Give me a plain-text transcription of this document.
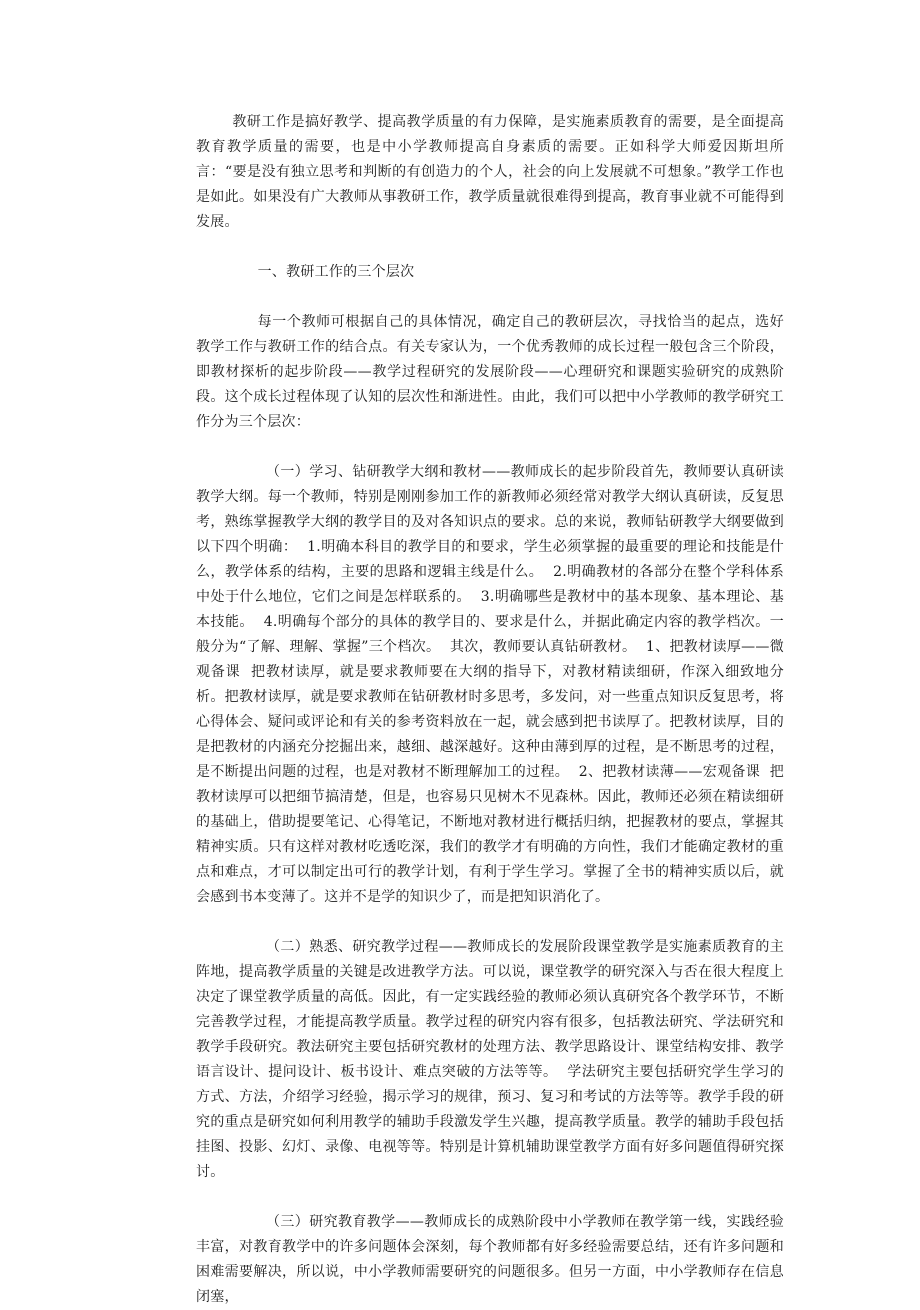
教研工作是搞好教学、提高教学质量的有力保障，是实施素质教育的需要，是全面提高教育教学质量的需要，也是中小学教师提高自身素质的需要。正如科学大师爱因斯坦所言：“要是没有独立思考和判断的有创造力的个人，社会的向上发展就不可想象。”教学工作也是如此。如果没有广大教师从事教研工作，教学质量就很难得到提高，教育事业就不可能得到发展。

一、教研工作的三个层次

每一个教师可根据自己的具体情况，确定自己的教研层次，寻找恰当的起点，选好教学工作与教研工作的结合点。有关专家认为，一个优秀教师的成长过程一般包含三个阶段，即教材探析的起步阶段——教学过程研究的发展阶段——心理研究和课题实验研究的成熟阶段。这个成长过程体现了认知的层次性和渐进性。由此，我们可以把中小学教师的教学研究工作分为三个层次：

（一）学习、钻研教学大纲和教材——教师成长的起步阶段首先，教师要认真研读教学大纲。每一个教师，特别是刚刚参加工作的新教师必须经常对教学大纲认真研读，反复思考，熟练掌握教学大纲的教学目的及对各知识点的要求。总的来说，教师钻研教学大纲要做到以下四个明确：  1.明确本科目的教学目的和要求，学生必须掌握的最重要的理论和技能是什么，教学体系的结构，主要的思路和逻辑主线是什么。  2.明确教材的各部分在整个学科体系中处于什么地位，它们之间是怎样联系的。  3.明确哪些是教材中的基本现象、基本理论、基本技能。  4.明确每个部分的具体的教学目的、要求是什么，并据此确定内容的教学档次。一般分为“了解、理解、掌握”三个档次。  其次，教师要认真钻研教材。  1、把教材读厚——微观备课  把教材读厚，就是要求教师要在大纲的指导下，对教材精读细研，作深入细致地分析。把教材读厚，就是要求教师在钻研教材时多思考，多发问，对一些重点知识反复思考，将心得体会、疑问或评论和有关的参考资料放在一起，就会感到把书读厚了。把教材读厚，目的是把教材的内涵充分挖掘出来，越细、越深越好。这种由薄到厚的过程，是不断思考的过程，是不断提出问题的过程，也是对教材不断理解加工的过程。  2、把教材读薄——宏观备课  把教材读厚可以把细节搞清楚，但是，也容易只见树木不见森林。因此，教师还必须在精读细研的基础上，借助提要笔记、心得笔记，不断地对教材进行概括归纳，把握教材的要点，掌握其精神实质。只有这样对教材吃透吃深，我们的教学才有明确的方向性，我们才能确定教材的重点和难点，才可以制定出可行的教学计划，有利于学生学习。掌握了全书的精神实质以后，就会感到书本变薄了。这并不是学的知识少了，而是把知识消化了。

（二）熟悉、研究教学过程——教师成长的发展阶段课堂教学是实施素质教育的主阵地，提高教学质量的关键是改进教学方法。可以说，课堂教学的研究深入与否在很大程度上决定了课堂教学质量的高低。因此，有一定实践经验的教师必须认真研究各个教学环节，不断完善教学过程，才能提高教学质量。教学过程的研究内容有很多，包括教法研究、学法研究和教学手段研究。教法研究主要包括研究教材的处理方法、教学思路设计、课堂结构安排、教学语言设计、提问设计、板书设计、难点突破的方法等等。  学法研究主要包括研究学生学习的方式、方法，介绍学习经验，揭示学习的规律，预习、复习和考试的方法等等。教学手段的研究的重点是研究如何利用教学的辅助手段激发学生兴趣，提高教学质量。教学的辅助手段包括挂图、投影、幻灯、录像、电视等等。特别是计算机辅助课堂教学方面有好多问题值得研究探讨。

（三）研究教育教学——教师成长的成熟阶段中小学教师在教学第一线，实践经验丰富，对教育教学中的许多问题体会深刻，每个教师都有好多经验需要总结，还有许多问题和困难需要解决，所以说，中小学教师需要研究的问题很多。但另一方面，中小学教师存在信息闭塞，
